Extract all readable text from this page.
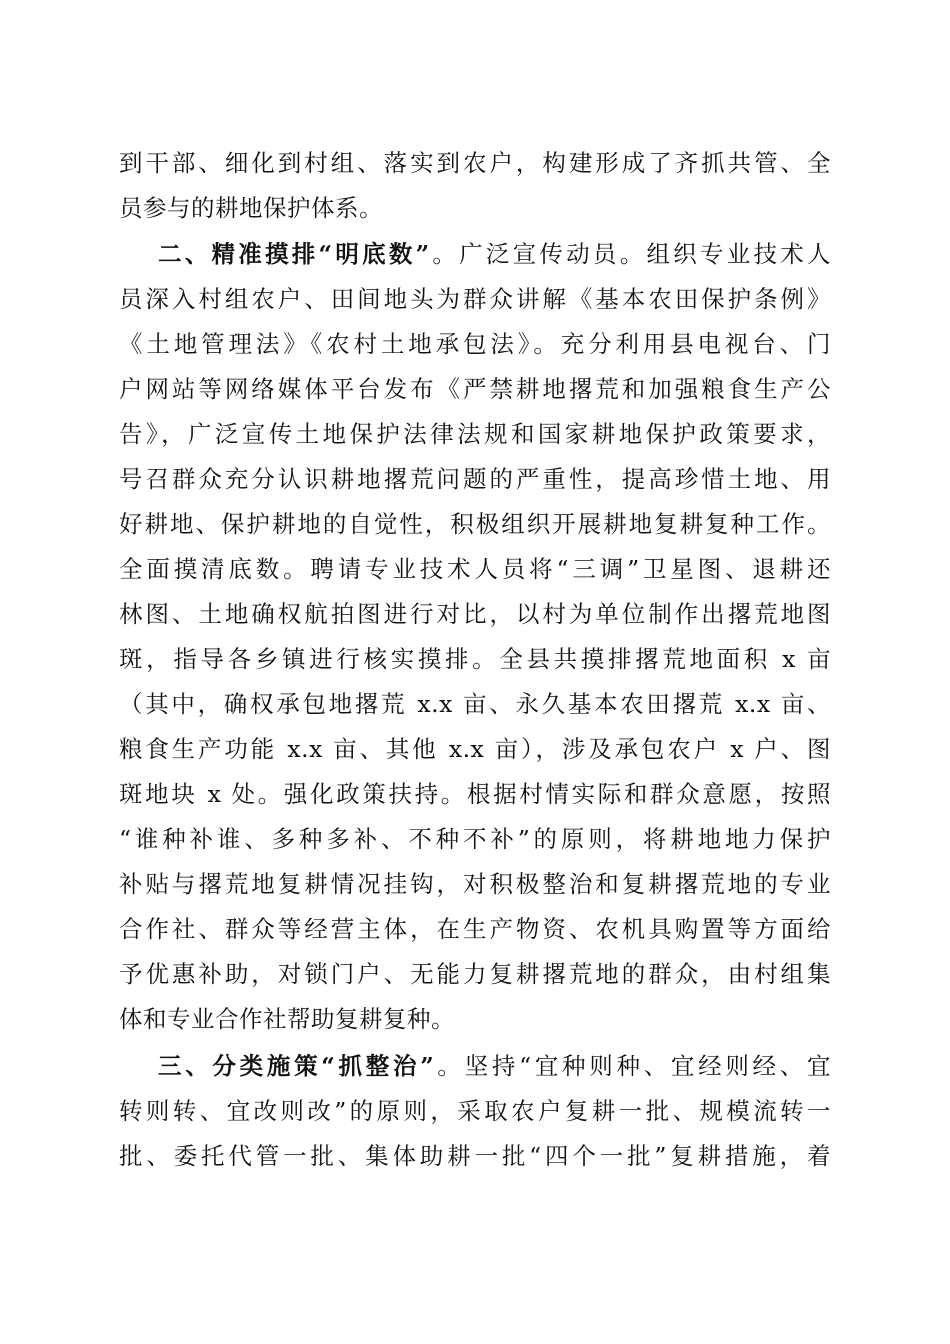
到干部、细化到村组、落实到农户，构建形成了齐抓共管、全
员参与的耕地保护体系。
二、精准摸排“明底数”。广泛宣传动员。组织专业技术人
员深入村组农户、田间地头为群众讲解《基本农田保护条例》
《土地管理法》《农村土地承包法》。充分利用县电视台、门
户网站等网络媒体平台发布《严禁耕地撂荒和加强粮食生产公
告》，广泛宣传土地保护法律法规和国家耕地保护政策要求，
号召群众充分认识耕地撂荒问题的严重性，提高珍惜土地、用
好耕地、保护耕地的自觉性，积极组织开展耕地复耕复种工作。
全面摸清底数。聘请专业技术人员将“三调”卫星图、退耕还
林图、土地确权航拍图进行对比，以村为单位制作出撂荒地图
斑，指导各乡镇进行核实摸排。全县共摸排撂荒地面积 x 亩
（其中，确权承包地撂荒 x.x 亩、永久基本农田撂荒 x.x 亩、
粮食生产功能 x.x 亩、其他 x.x 亩），涉及承包农户 x 户、图
斑地块 x 处。强化政策扶持。根据村情实际和群众意愿，按照
“谁种补谁、多种多补、不种不补”的原则，将耕地地力保护
补贴与撂荒地复耕情况挂钩，对积极整治和复耕撂荒地的专业
合作社、群众等经营主体，在生产物资、农机具购置等方面给
予优惠补助，对锁门户、无能力复耕撂荒地的群众，由村组集
体和专业合作社帮助复耕复种。
三、分类施策“抓整治”。坚持“宜种则种、宜经则经、宜
转则转、宜改则改”的原则，采取农户复耕一批、规模流转一
批、委托代管一批、集体助耕一批“四个一批”复耕措施，着
